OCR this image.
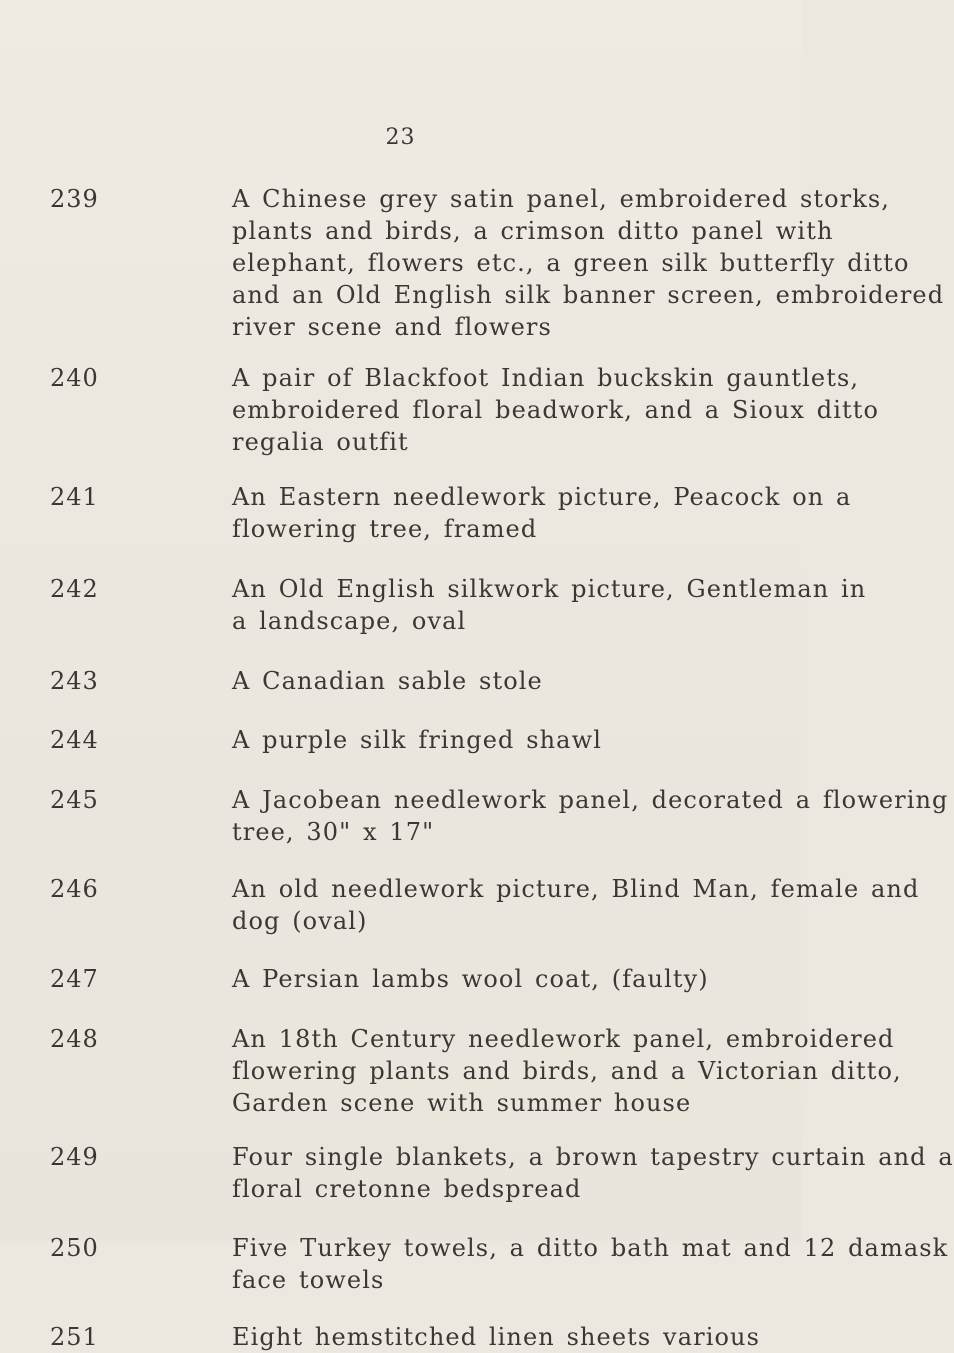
23
239	A Chinese grey satin panel, embroidered storks,
plants and birds, a crimson ditto panel with
elephant, flowers etc., a green silk butterfly ditto
and an Old English silk banner screen, embroidered
river scene and flowers
240	A pair of Blackfoot Indian buckskin gauntlets,
embroidered floral beadwork, and a Sioux ditto
regalia outfit
241	An Eastern needlework picture, Peacock on a
flowering tree, framed
242	An Old English silkwork picture, Gentleman in
a landscape, oval
243	A Canadian sable stole
244	A purple silk fringed shawl
245	A Jacobean needlework panel, decorated a flowering
tree, 30" x 17"
246	An old needlework picture, Blind Man, female and
dog (oval)
247	A Persian lambs wool coat, (faulty)
248	An 18th Century needlework panel, embroidered
flowering plants and birds, and a Victorian ditto,
Garden scene with summer house
249	Four single blankets, a brown tapestry curtain and a
floral cretonne bedspread
250	Five Turkey towels, a ditto bath mat and 12 damask
face towels
251	Eight hemstitched linen sheets various
